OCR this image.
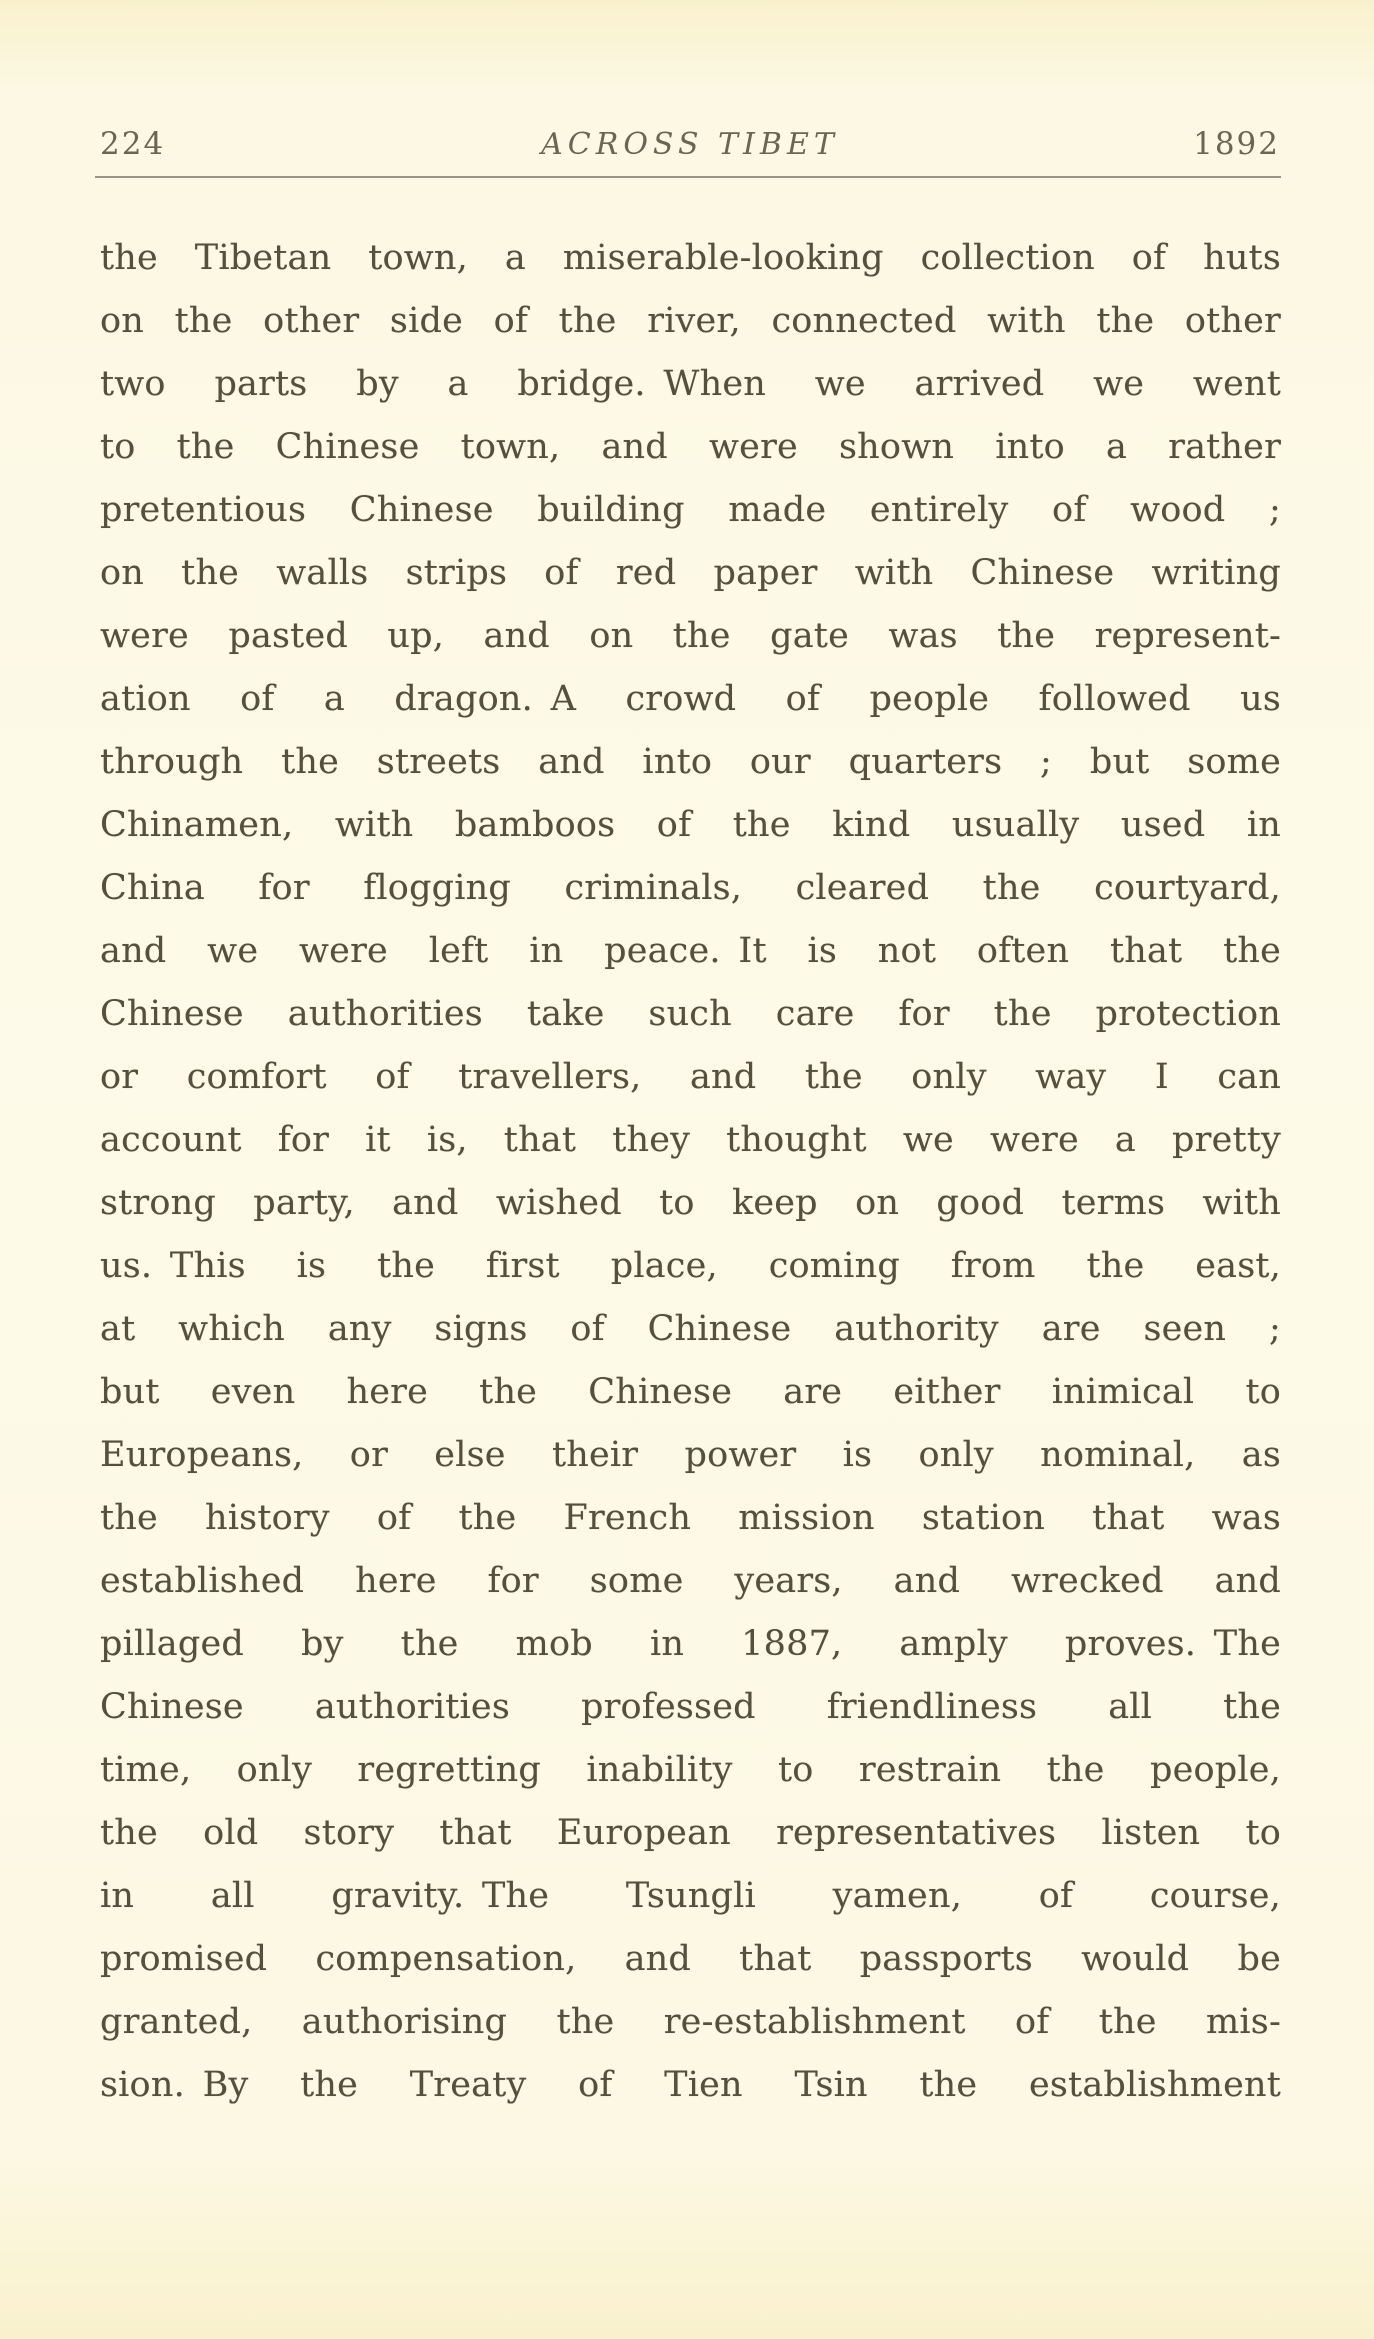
224	ACROSS TIBET	1892
the Tibetan town, a miserable-looking collection of huts
on the other side of the river, connected with the other
two parts by a bridge. When we arrived we went
to the Chinese town, and were shown into a rather
pretentious Chinese building made entirely of wood ;
on the walls strips of red paper with Chinese writing
were pasted up, and on the gate was the represent-
ation of a dragon. A crowd of people followed us
through the streets and into our quarters ; but some
Chinamen, with bamboos of the kind usually used in
China for flogging criminals, cleared the courtyard,
and we were left in peace. It is not often that the
Chinese authorities take such care for the protection
or comfort of travellers, and the only way I can
account for it is, that they thought we were a pretty
strong party, and wished to keep on good terms with
us. This is the first place, coming from the east,
at which any signs of Chinese authority are seen ;
but even here the Chinese are either inimical to
Europeans, or else their power is only nominal, as
the history of the French mission station that was
established here for some years, and wrecked and
pillaged by the mob in 1887, amply proves. The
Chinese authorities professed friendliness all the
time, only regretting inability to restrain the people,
the old story that European representatives listen to
in all gravity. The Tsungli yamen, of course,
promised compensation, and that passports would be
granted, authorising the re-establishment of the mis-
sion. By the Treaty of Tien Tsin the establishment
